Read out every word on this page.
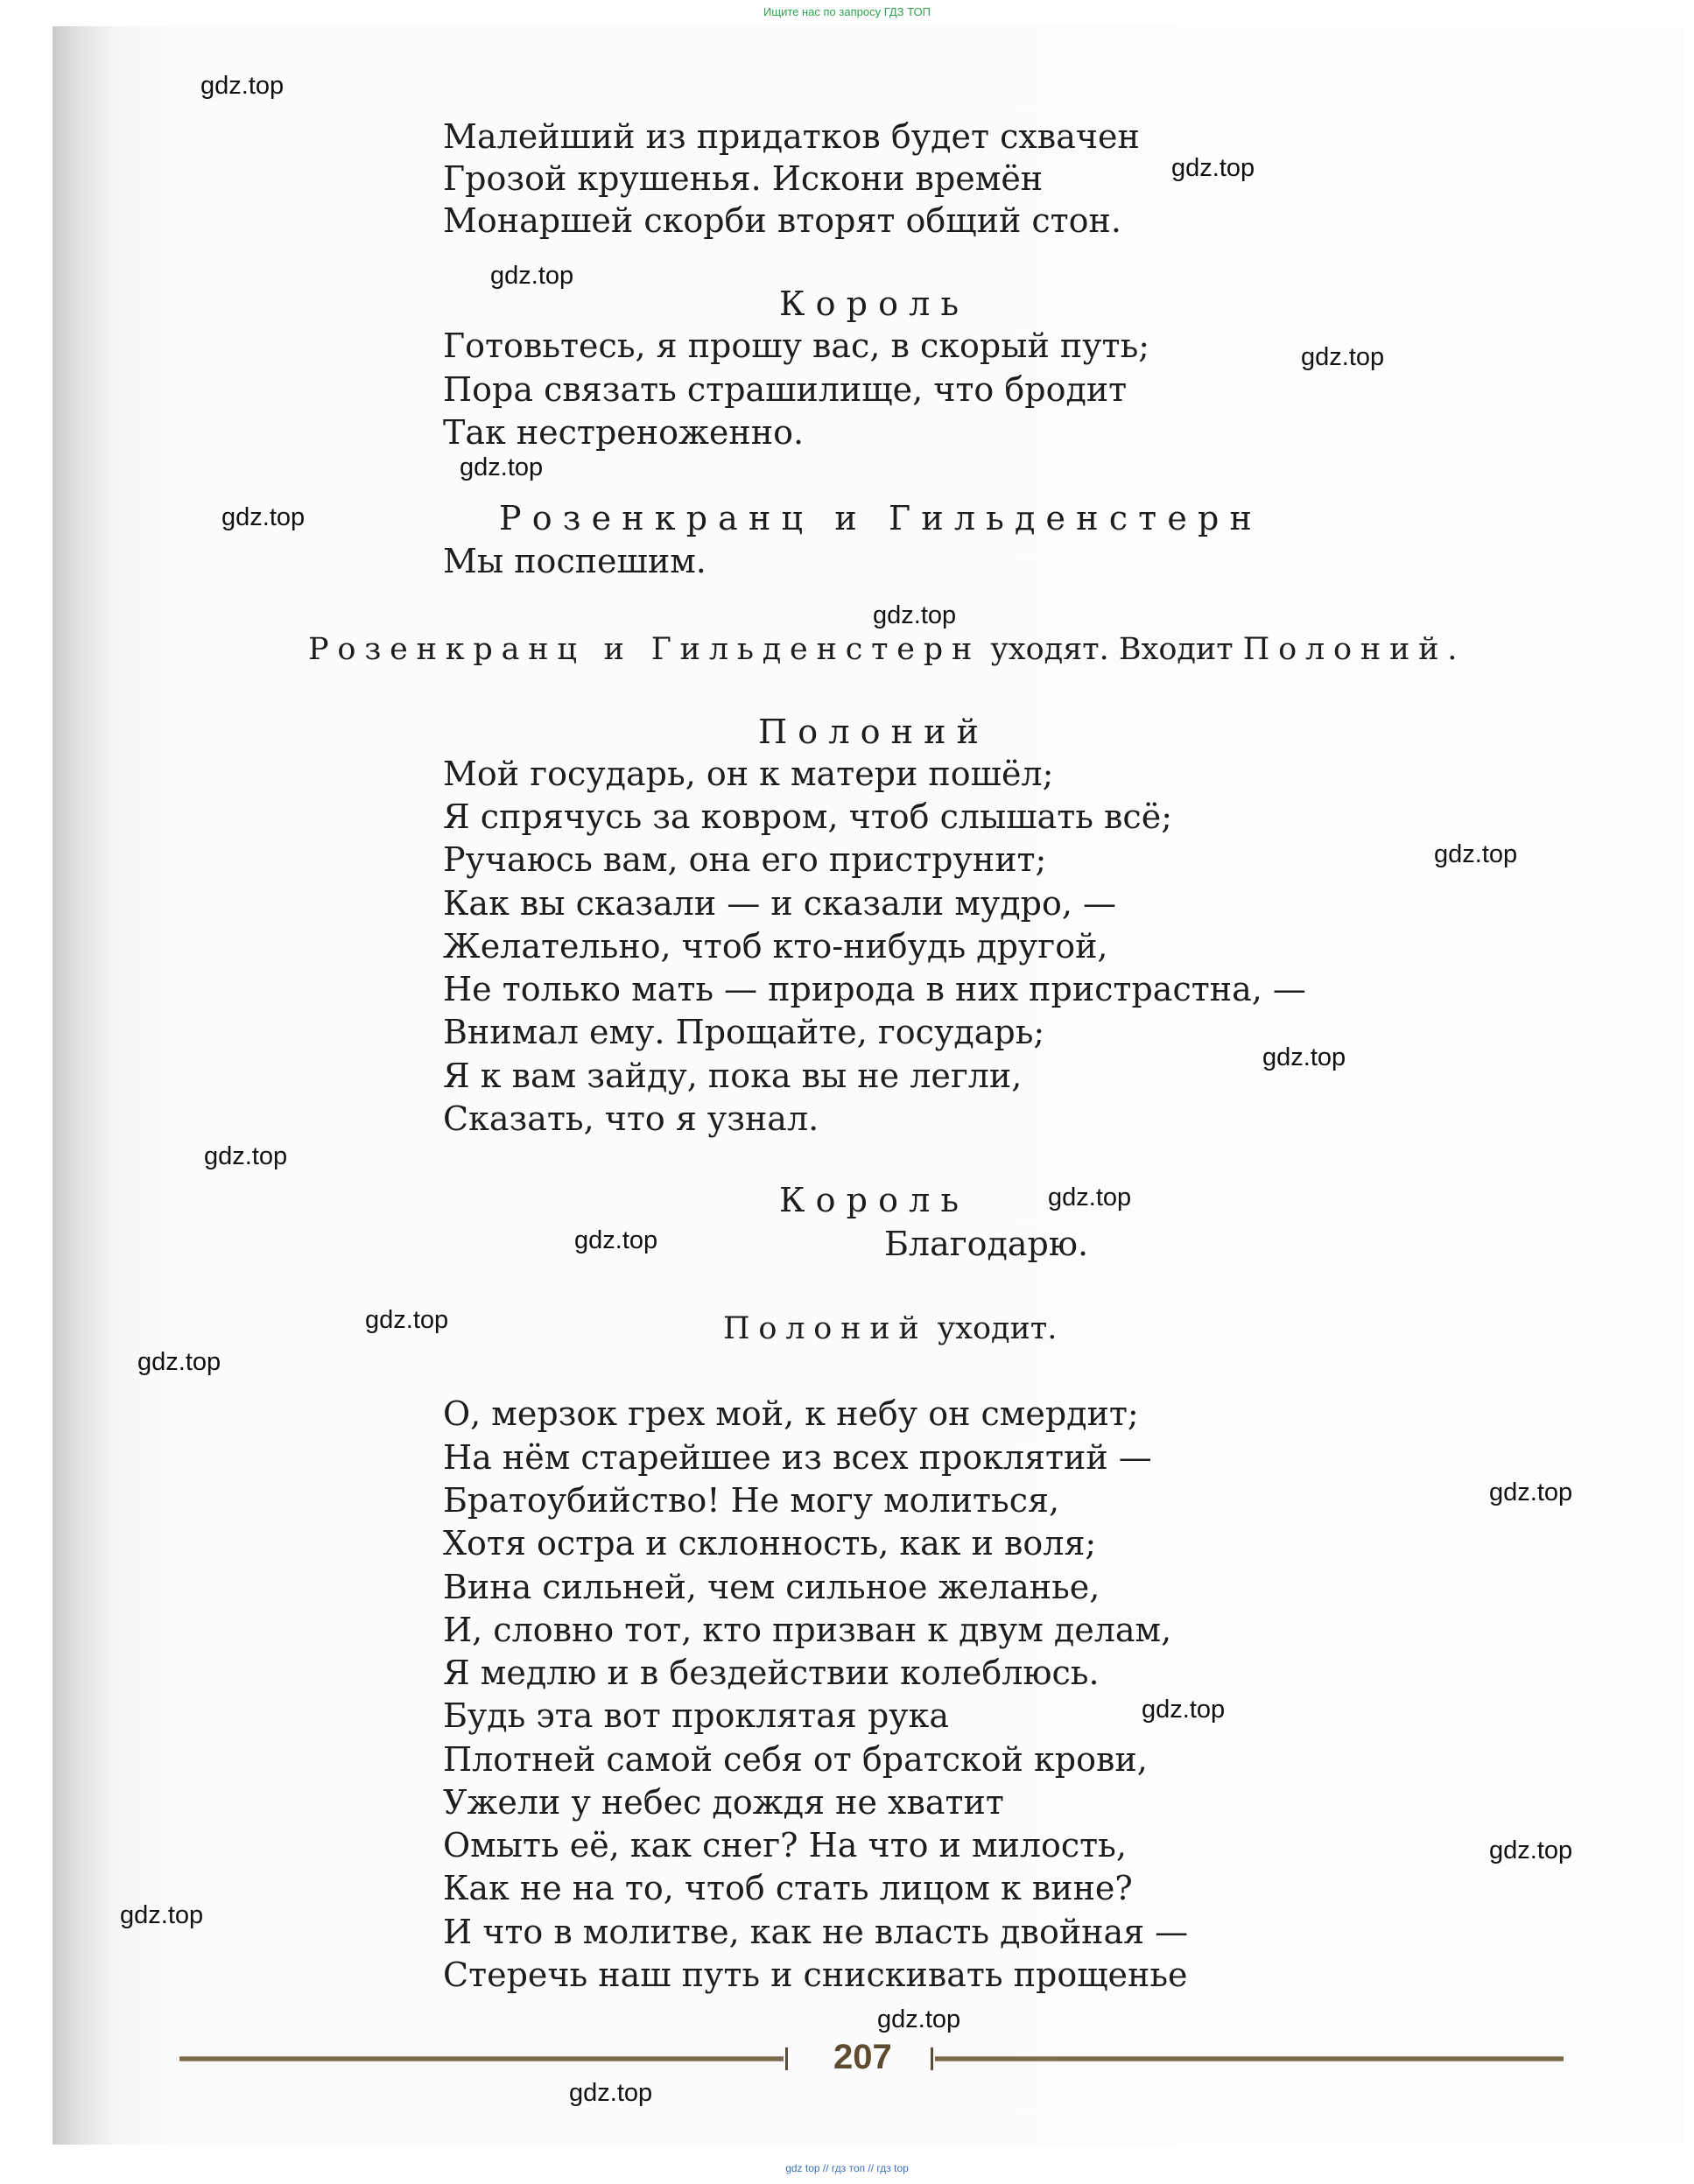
Ищите нас по запросу ГДЗ ТОП
Малейший из придатков будет схвачен
Грозой крушенья. Искони времён
Монаршей скорби вторят общий стон.
Король
Готовьтесь, я прошу вас, в скорый путь;
Пора связать страшилище, что бродит
Так нестреноженно.
Розенкранц и Гильденстерн
Мы поспешим.
Розенкранц и Гильденстерн уходят. Входит Полоний.
Полоний
Мой государь, он к матери пошёл;
Я спрячусь за ковром, чтоб слышать всё;
Ручаюсь вам, она его приструнит;
Как вы сказали — и сказали мудро, —
Желательно, чтоб кто-нибудь другой,
Не только мать — природа в них пристрастна, —
Внимал ему. Прощайте, государь;
Я к вам зайду, пока вы не легли,
Сказать, что я узнал.
Король
Благодарю.
Полоний уходит.
О, мерзок грех мой, к небу он смердит;
На нём старейшее из всех проклятий —
Братоубийство! Не могу молиться,
Хотя остра и склонность, как и воля;
Вина сильней, чем сильное желанье,
И, словно тот, кто призван к двум делам,
Я медлю и в бездействии колеблюсь.
Будь эта вот проклятая рука
Плотней самой себя от братской крови,
Ужели у небес дождя не хватит
Омыть её, как снег? На что и милость,
Как не на то, чтоб стать лицом к вине?
И что в молитве, как не власть двойная —
Стеречь наш путь и снискивать прощенье
207
gdz.top
gdz.top
gdz.top
gdz.top
gdz.top
gdz.top
gdz.top
gdz.top
gdz.top
gdz.top
gdz.top
gdz.top
gdz.top
gdz.top
gdz.top
gdz.top
gdz.top
gdz.top
gdz.top
gdz.top
gdz top // гдз топ // гдз top
